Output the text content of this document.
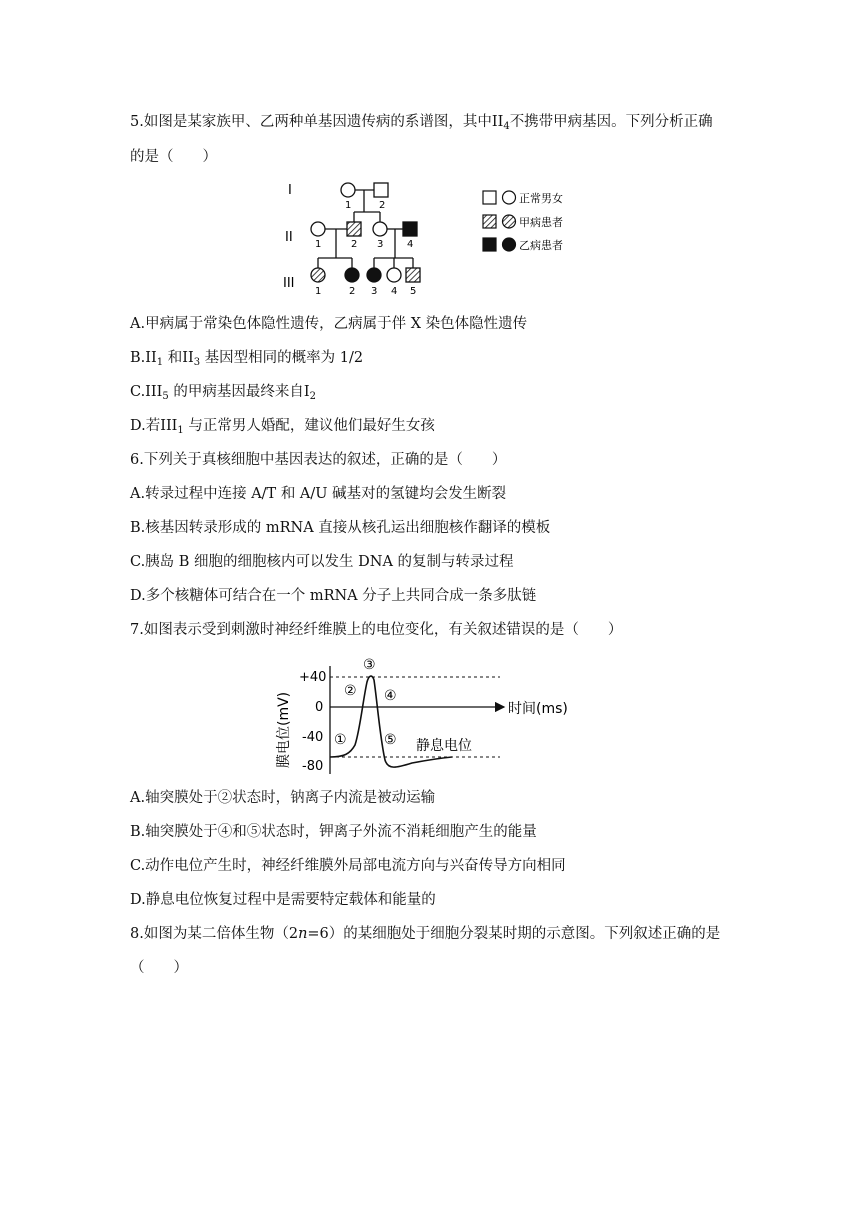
5.如图是某家族甲、乙两种单基因遗传病的系谱图，其中$II_4$不携带甲病基因。下列分析正确
的是（　　）
I
II
III
1	2
1	2 3 4
1	2 3 4 5
正常男女
甲病患者
乙病患者
A.甲病属于常染色体隐性遗传，乙病属于伴 X 染色体隐性遗传
$B.II_1$ 和$II_3$ 基因型相同的概率为 1/2
$C.III_5$ 的甲病基因最终来自$I_2$
D.若$III_1$ 与正常男人婚配，建议他们最好生女孩
6.下列关于真核细胞中基因表达的叙述，正确的是（　　）
A.转录过程中连接 A/T 和 A/U 碱基对的氢键均会发生断裂
B.核基因转录形成的 mRNA 直接从核孔运出细胞核作翻译的模板
C.胰岛 B 细胞的细胞核内可以发生 DNA 的复制与转录过程
D.多个核糖体可结合在一个 mRNA 分子上共同合成一条多肽链
7.如图表示受到刺激时神经纤维膜上的电位变化，有关叙述错误的是（　　）
膜电位(mV)
+40
0
-40
-80
时间(ms)
①
②
③
④
⑤ 静息电位
A.轴突膜处于②状态时，钠离子内流是被动运输
B.轴突膜处于④和⑤状态时，钾离子外流不消耗细胞产生的能量
C.动作电位产生时，神经纤维膜外局部电流方向与兴奋传导方向相同
D.静息电位恢复过程中是需要特定载体和能量的
8.如图为某二倍体生物（2n=6）的某细胞处于细胞分裂某时期的示意图。下列叙述正确的是
（　　）
